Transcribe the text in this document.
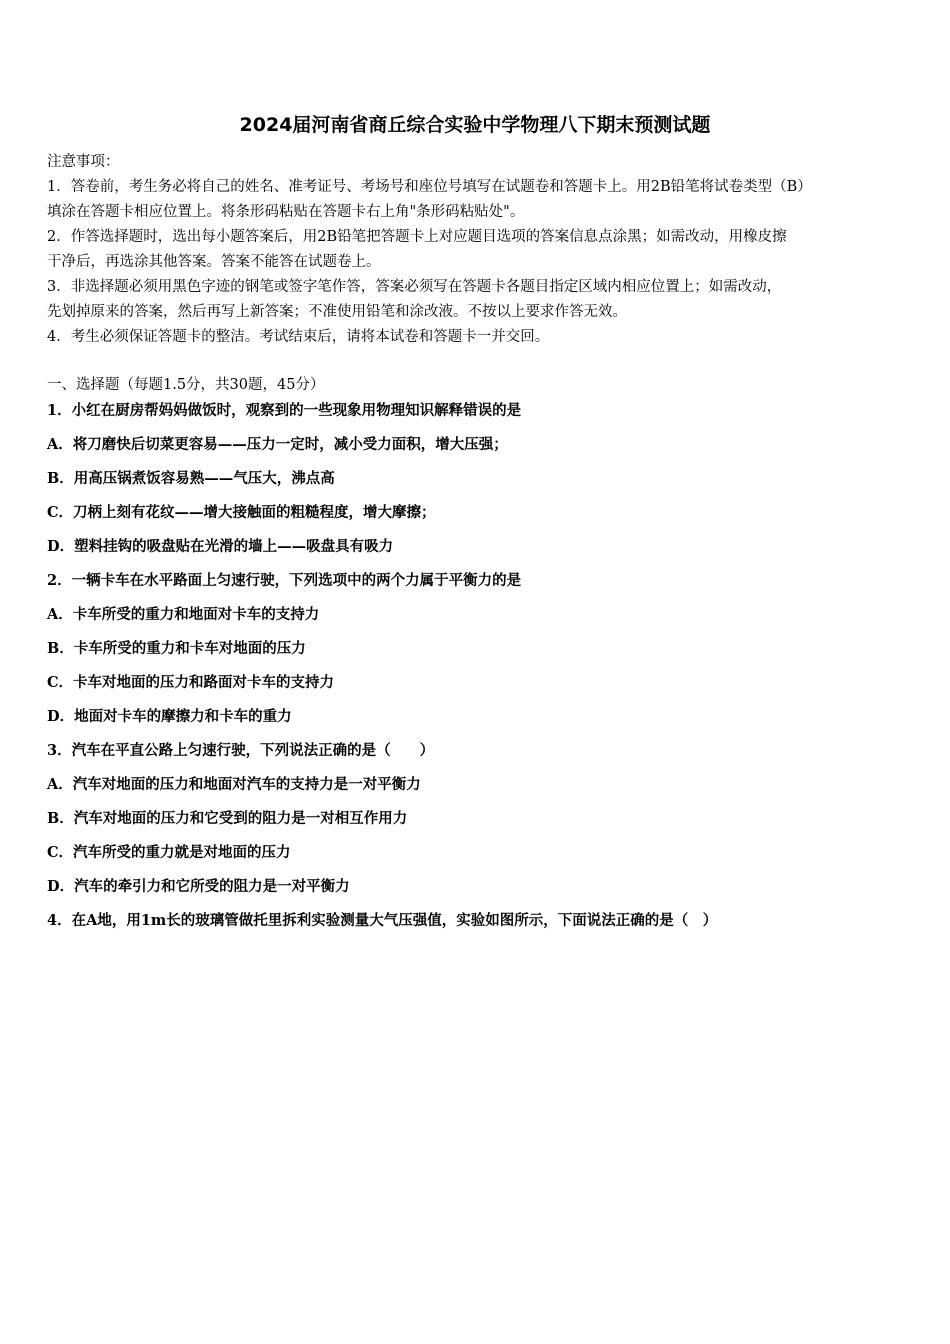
2024届河南省商丘综合实验中学物理八下期末预测试题
注意事项：
1．答卷前，考生务必将自己的姓名、准考证号、考场号和座位号填写在试题卷和答题卡上。用2B铅笔将试卷类型（B）
填涂在答题卡相应位置上。将条形码粘贴在答题卡右上角"条形码粘贴处"。
2．作答选择题时，选出每小题答案后，用2B铅笔把答题卡上对应题目选项的答案信息点涂黑；如需改动，用橡皮擦
干净后，再选涂其他答案。答案不能答在试题卷上。
3．非选择题必须用黑色字迹的钢笔或签字笔作答，答案必须写在答题卡各题目指定区域内相应位置上；如需改动，
先划掉原来的答案，然后再写上新答案；不准使用铅笔和涂改液。不按以上要求作答无效。
4．考生必须保证答题卡的整洁。考试结束后，请将本试卷和答题卡一并交回。
一、选择题（每题1.5分，共30题，45分）
1．小红在厨房帮妈妈做饭时，观察到的一些现象用物理知识解释错误的是
A．将刀磨快后切菜更容易——压力一定时，减小受力面积，增大压强；
B．用高压锅煮饭容易熟——气压大，沸点高
C．刀柄上刻有花纹——增大接触面的粗糙程度，增大摩擦；
D．塑料挂钩的吸盘贴在光滑的墙上——吸盘具有吸力
2．一辆卡车在水平路面上匀速行驶，下列选项中的两个力属于平衡力的是
A．卡车所受的重力和地面对卡车的支持力
B．卡车所受的重力和卡车对地面的压力
C．卡车对地面的压力和路面对卡车的支持力
D．地面对卡车的摩擦力和卡车的重力
3．汽车在平直公路上匀速行驶，下列说法正确的是（　　）
A．汽车对地面的压力和地面对汽车的支持力是一对平衡力
B．汽车对地面的压力和它受到的阻力是一对相互作用力
C．汽车所受的重力就是对地面的压力
D．汽车的牵引力和它所受的阻力是一对平衡力
4．在A地，用1m长的玻璃管做托里拆利实验测量大气压强值，实验如图所示，下面说法正确的是（　）
